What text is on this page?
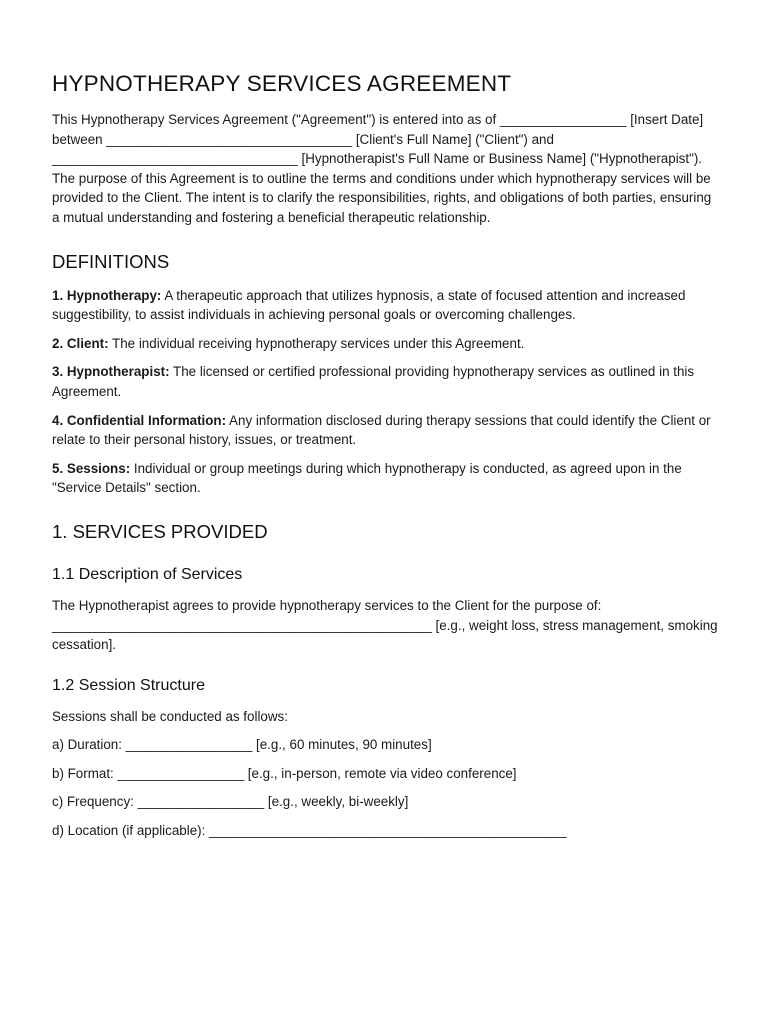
HYPNOTHERAPY SERVICES AGREEMENT

This Hypnotherapy Services Agreement ("Agreement") is entered into as of _________________ [Insert Date] between _________________________________ [Client's Full Name] ("Client") and _________________________________ [Hypnotherapist's Full Name or Business Name] ("Hypnotherapist"). The purpose of this Agreement is to outline the terms and conditions under which hypnotherapy services will be provided to the Client. The intent is to clarify the responsibilities, rights, and obligations of both parties, ensuring a mutual understanding and fostering a beneficial therapeutic relationship.

DEFINITIONS

1. Hypnotherapy: A therapeutic approach that utilizes hypnosis, a state of focused attention and increased suggestibility, to assist individuals in achieving personal goals or overcoming challenges.

2. Client: The individual receiving hypnotherapy services under this Agreement.

3. Hypnotherapist: The licensed or certified professional providing hypnotherapy services as outlined in this Agreement.

4. Confidential Information: Any information disclosed during therapy sessions that could identify the Client or relate to their personal history, issues, or treatment.

5. Sessions: Individual or group meetings during which hypnotherapy is conducted, as agreed upon in the "Service Details" section.

1. SERVICES PROVIDED
1.1 Description of Services

The Hypnotherapist agrees to provide hypnotherapy services to the Client for the purpose of: ___________________________________________________ [e.g., weight loss, stress management, smoking cessation].

1.2 Session Structure

Sessions shall be conducted as follows:

a) Duration: _________________ [e.g., 60 minutes, 90 minutes]

b) Format: _________________ [e.g., in-person, remote via video conference]

c) Frequency: _________________ [e.g., weekly, bi-weekly]

d) Location (if applicable): ________________________________________________
